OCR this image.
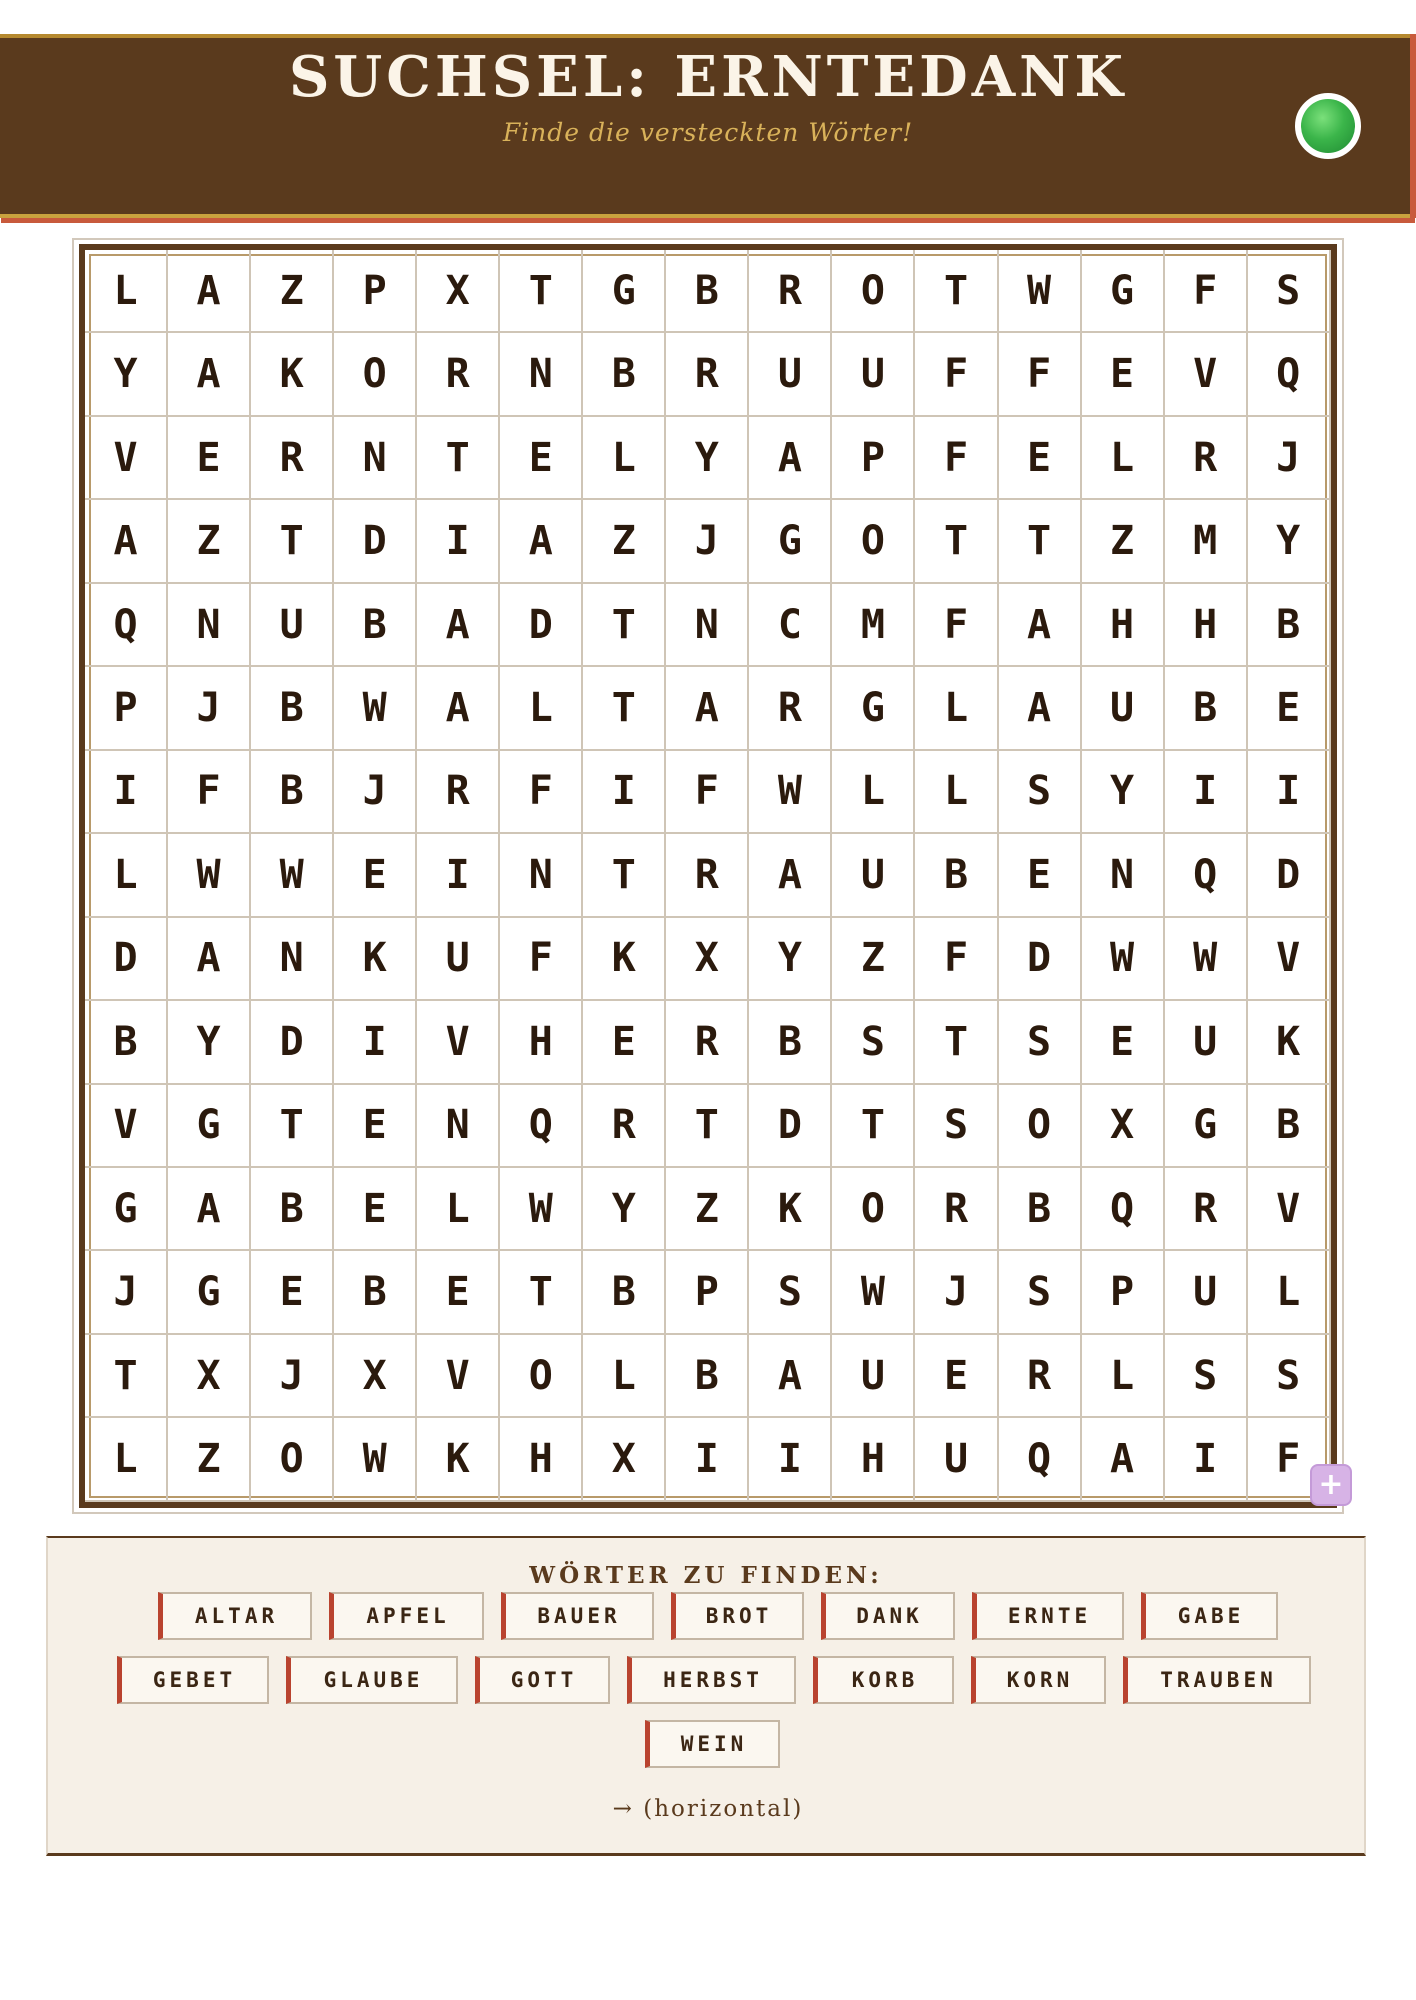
SUCHSEL: ERNTEDANK
Finde die versteckten Wörter!
L	A	Z	P	X	T	G	B	R	O	T	W	G	F	S
Y	A	K	O	R	N	B	R	U	U	F	F	E	V	Q
V	E	R	N	T	E	L	Y	A	P	F	E	L	R	J
A	Z	T	D	I	A	Z	J	G	O	T	T	Z	M	Y
Q	N	U	B	A	D	T	N	C	M	F	A	H	H	B
P	J	B	W	A	L	T	A	R	G	L	A	U	B	E
I	F	B	J	R	F	I	F	W	L	L	S	Y	I	I
L	W	W	E	I	N	T	R	A	U	B	E	N	Q	D
D	A	N	K	U	F	K	X	Y	Z	F	D	W	W	V
B	Y	D	I	V	H	E	R	B	S	T	S	E	U	K
V	G	T	E	N	Q	R	T	D	T	S	O	X	G	B
G	A	B	E	L	W	Y	Z	K	O	R	B	Q	R	V
J	G	E	B	E	T	B	P	S	W	J	S	P	U	L
T	X	J	X	V	O	L	B	A	U	E	R	L	S	S
L	Z	O	W	K	H	X	I	I	H	U	Q	A	I	F
+
WÖRTER ZU FINDEN:
ALTAR	APFEL	BAUER	BROT	DANK	ERNTE	GABE
GEBET	GLAUBE	GOTT	HERBST	KORB	KORN	TRAUBEN
WEIN
→ (horizontal)
